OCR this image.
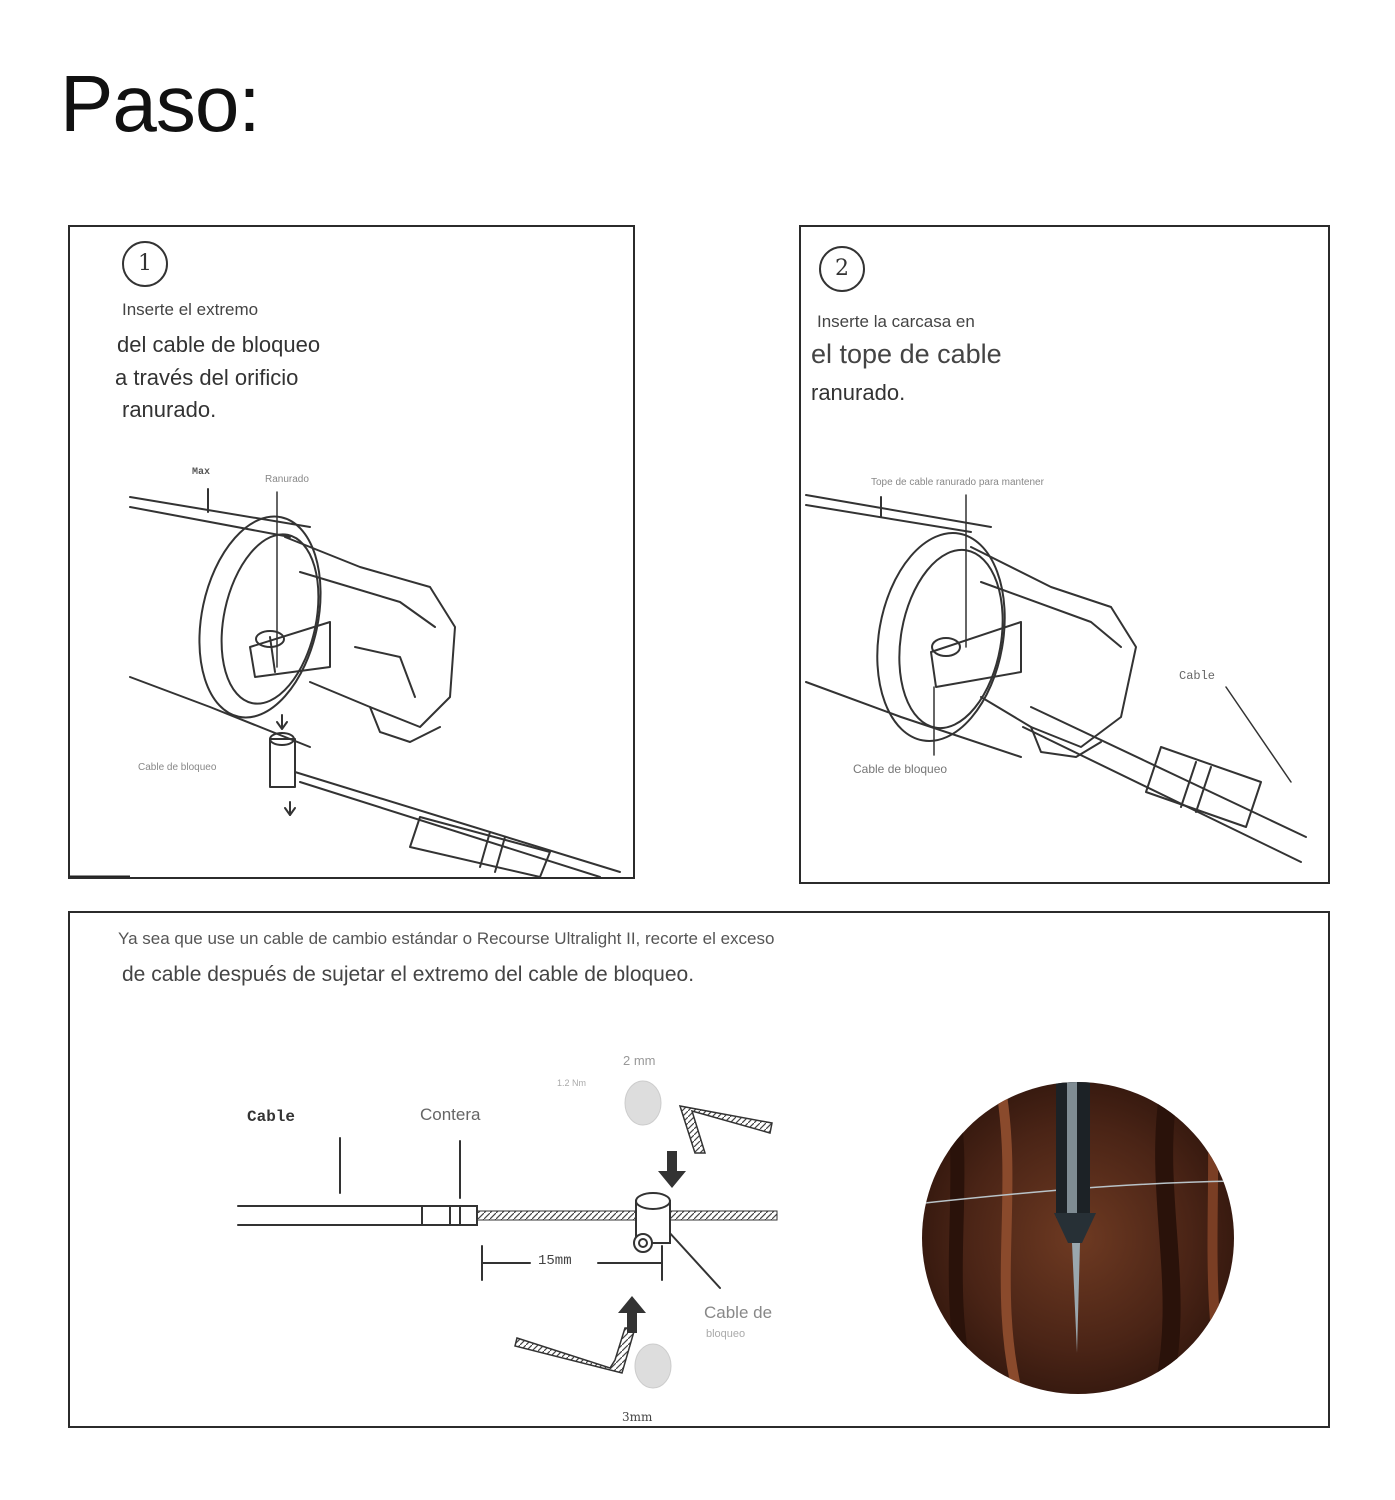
Paso:
1
Inserte el extremo
del cable de bloqueo
a través del orificio
ranurado.
Max
Ranurado
Cable de bloqueo
2
Inserte la carcasa en
el tope de cable
ranurado.
Tope de cable ranurado para mantener
Cable
Cable de bloqueo
Ya sea que use un cable de cambio estándar o Recourse Ultralight II, recorte el exceso
de cable después de sujetar el extremo del cable de bloqueo.
Cable	Contera
15mm
Cable de
bloqueo
2 mm
1.2 Nm
3mm
